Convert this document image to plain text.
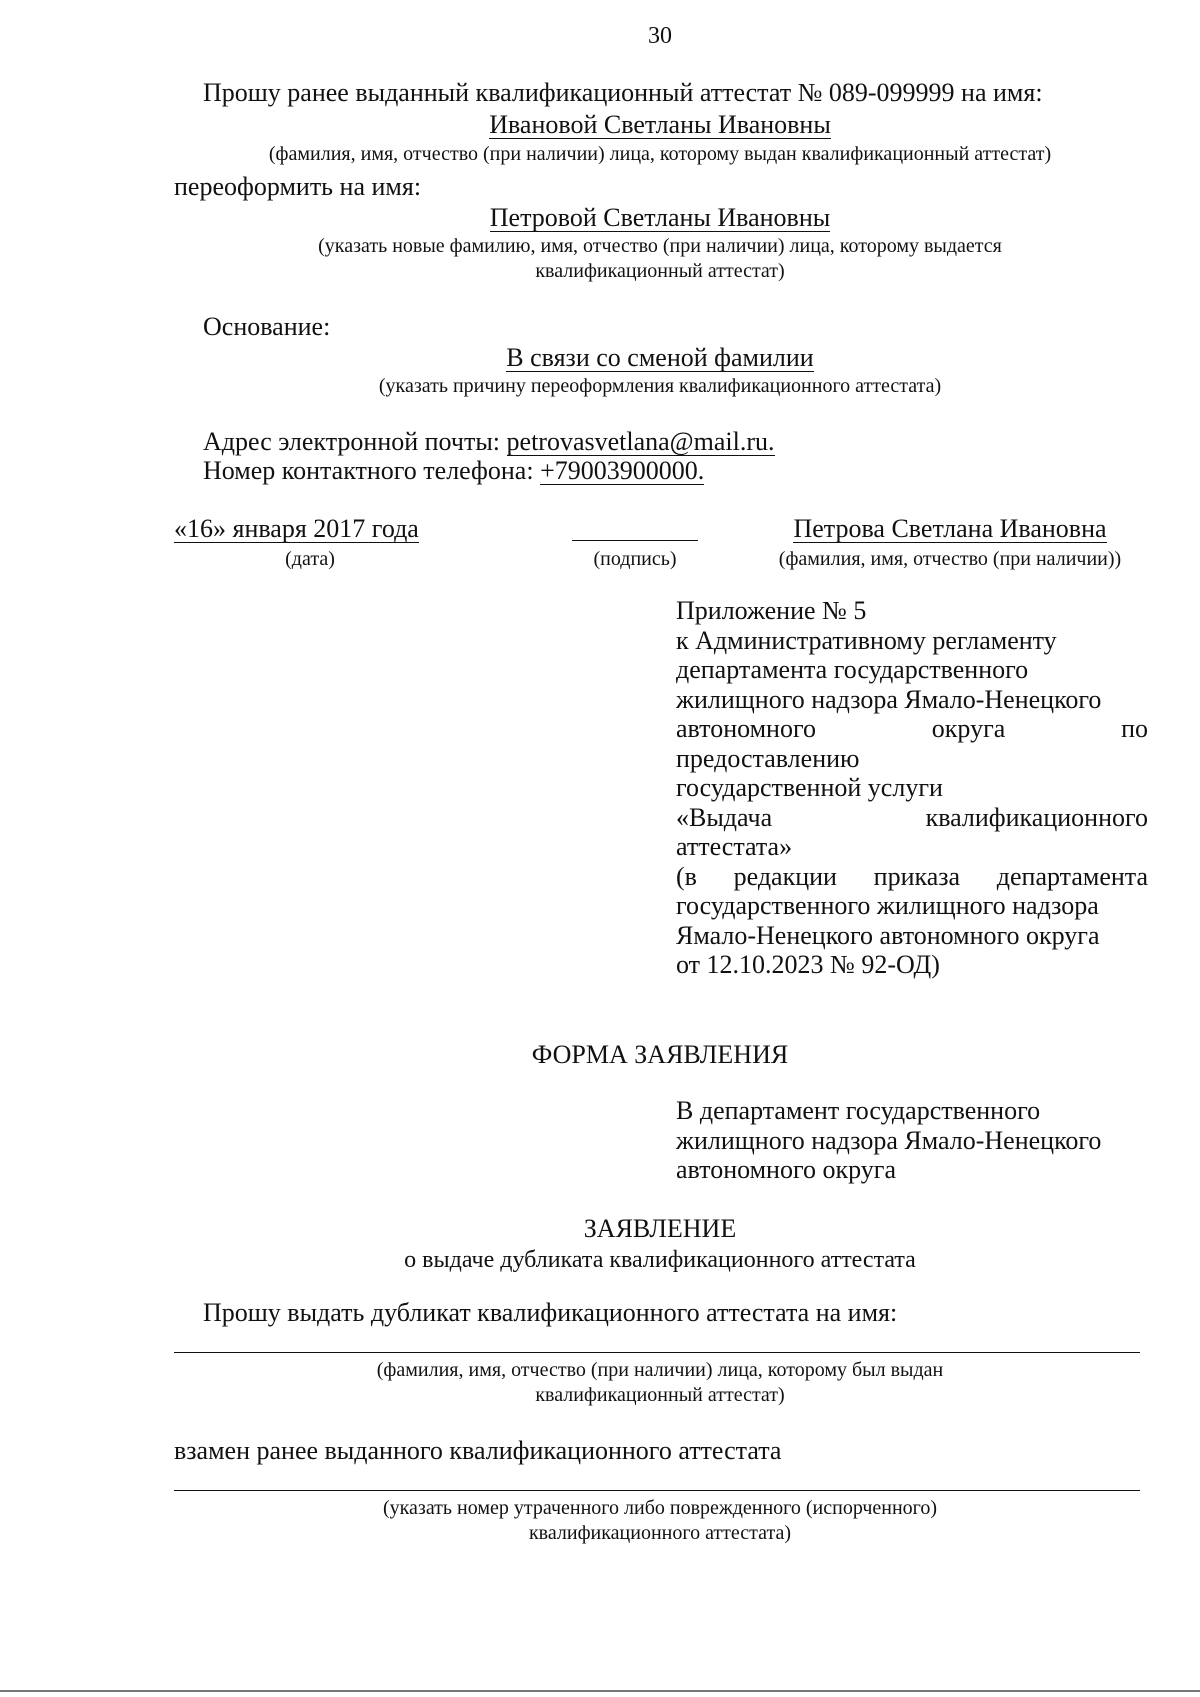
30
Прошу ранее выданный квалификационный аттестат № 089-099999 на имя:
Ивановой Светланы Ивановны
(фамилия, имя, отчество (при наличии) лица, которому выдан квалификационный аттестат)
переоформить на имя:
Петровой Светланы Ивановны
(указать новые фамилию, имя, отчество (при наличии) лица, которому выдается
квалификационный аттестат)
Основание:
В связи со сменой фамилии
(указать причину переоформления квалификационного аттестата)
Адрес электронной почты: petrovasvetlana@mail.ru.
Номер контактного телефона: +79003900000.
«16» января 2017 года
(дата)	(подпись)
Петрова Светлана Ивановна
(фамилия, имя, отчество (при наличии))
Приложение № 5
к Административному регламенту
департамента государственного
жилищного надзора Ямало-Ненецкого
автономного	округа	по
предоставлению
государственной услуги
«Выдача	квалификационного
аттестата»
(в редакции приказа департамента
государственного жилищного надзора
Ямало-Ненецкого автономного округа
от 12.10.2023 № 92-ОД)
ФОРМА ЗАЯВЛЕНИЯ
В департамент государственного
жилищного надзора Ямало-Ненецкого
автономного округа
ЗАЯВЛЕНИЕ
о выдаче дубликата квалификационного аттестата
Прошу выдать дубликат квалификационного аттестата на имя:
(фамилия, имя, отчество (при наличии) лица, которому был выдан
квалификационный аттестат)
взамен ранее выданного квалификационного аттестата
(указать номер утраченного либо поврежденного (испорченного)
квалификационного аттестата)
